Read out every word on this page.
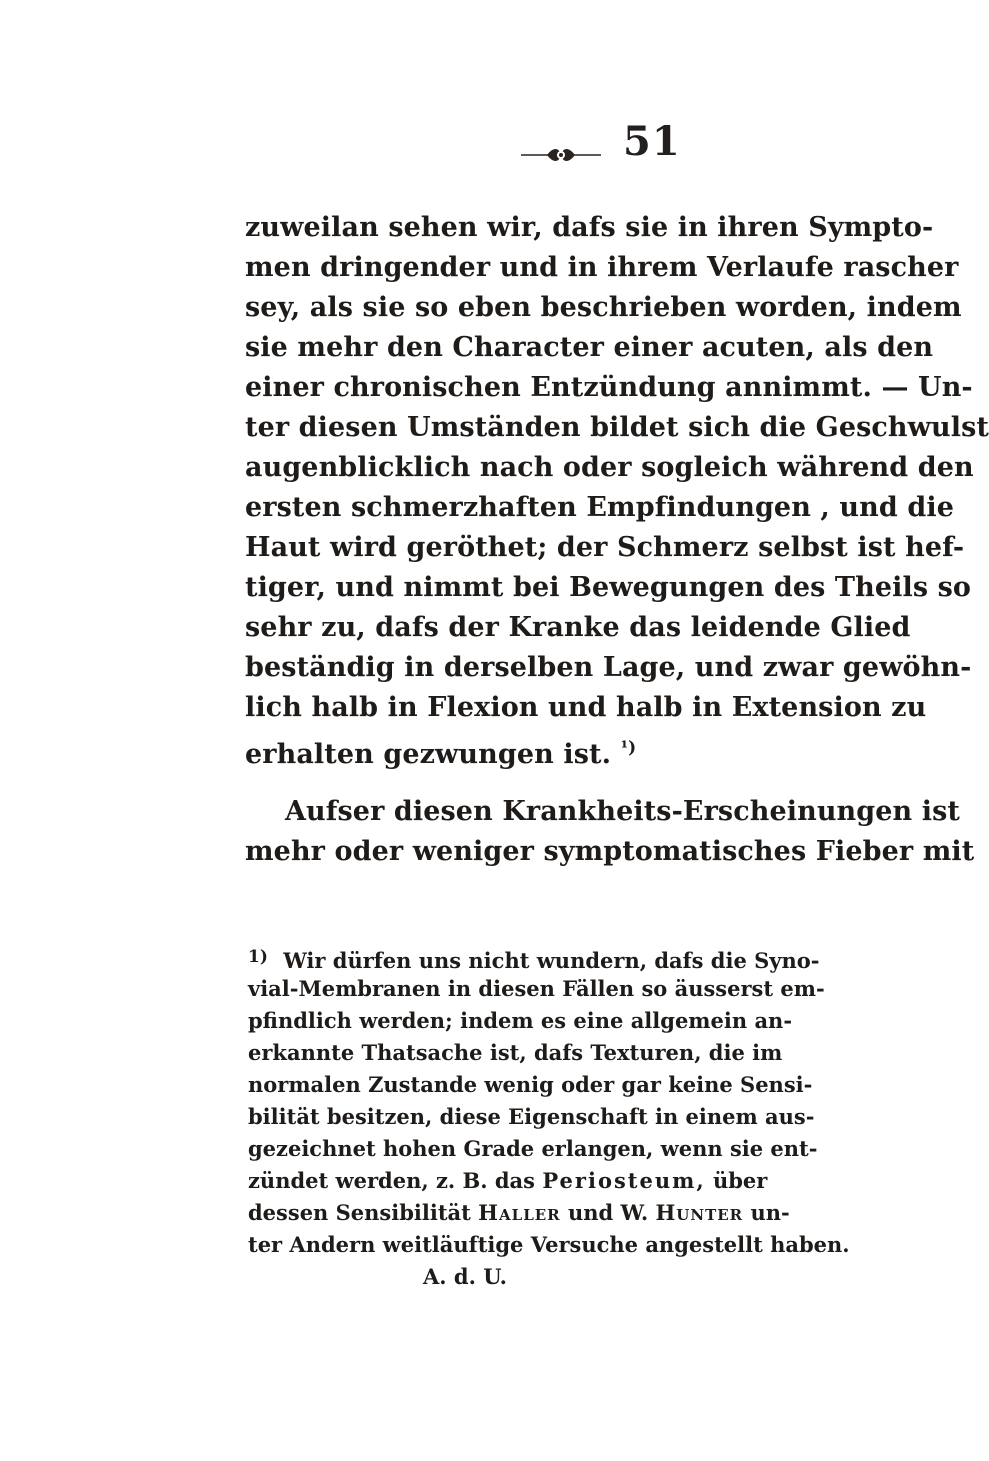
51
zuweilan sehen wir, dafs sie in ihren Sympto-
men dringender und in ihrem Verlaufe rascher
sey, als sie so eben beschrieben worden, indem
sie mehr den Character einer acuten, als den
einer chronischen Entzündung annimmt. — Un-
ter diesen Umständen bildet sich die Geschwulst
augenblicklich nach oder sogleich während den
ersten schmerzhaften Empfindungen , und die
Haut wird geröthet; der Schmerz selbst ist hef-
tiger, und nimmt bei Bewegungen des Theils so
sehr zu, dafs der Kranke das leidende Glied
beständig in derselben Lage, und zwar gewöhn-
lich halb in Flexion und halb in Extension zu
erhalten gezwungen ist. $^{^1)}$
Aufser diesen Krankheits-Erscheinungen ist
mehr oder weniger symptomatisches Fieber mit
$^{1)}$ Wir dürfen uns nicht wundern, dafs die Syno-
vial-Membranen in diesen Fällen so äusserst em-
pfindlich werden; indem es eine allgemein an-
erkannte Thatsache ist, dafs Texturen, die im
normalen Zustande wenig oder gar keine Sensi-
bilität besitzen, diese Eigenschaft in einem aus-
gezeichnet hohen Grade erlangen, wenn sie ent-
zündet werden, z. B. das Periosteum, über
dessen Sensibilität Haller und W. Hunter un-
ter Andern weitläuftige Versuche angestellt haben.
A. d. U.
